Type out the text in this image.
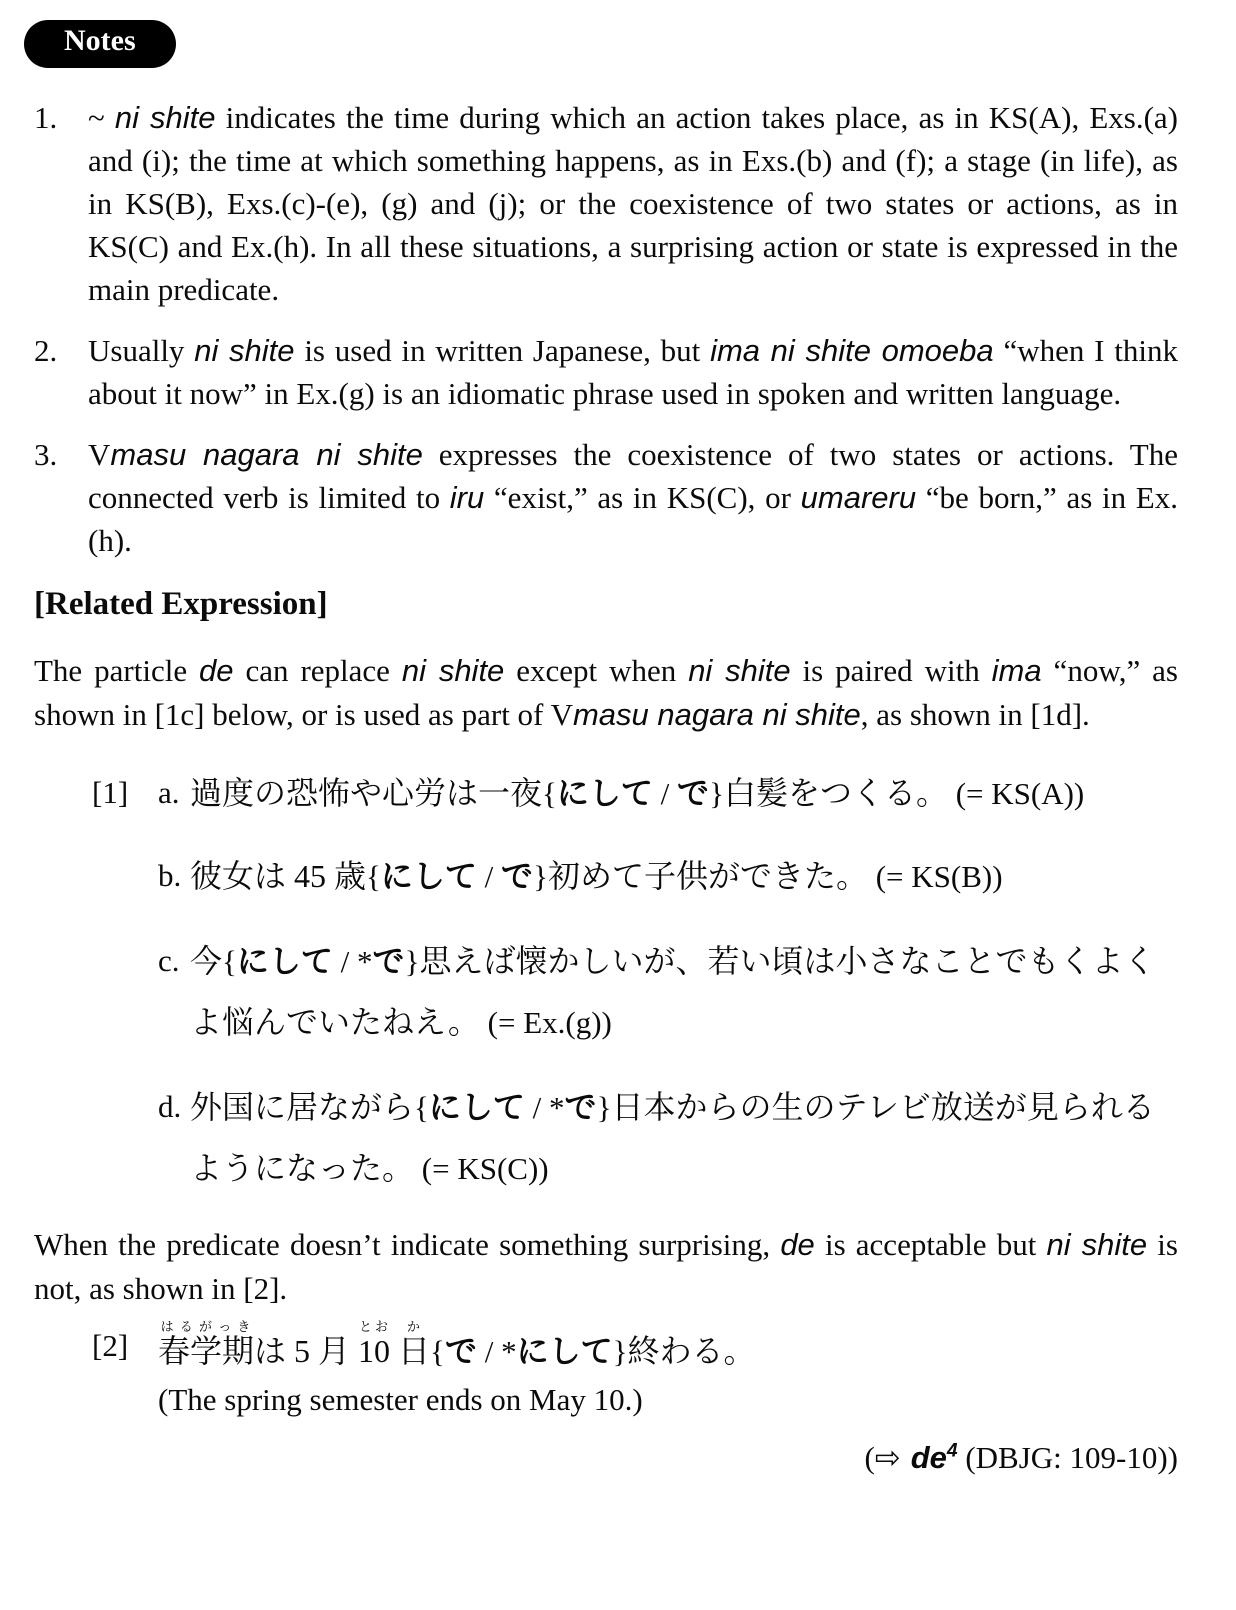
Notes
1. ~ ni shite indicates the time during which an action takes place, as in KS(A), Exs.(a) and (i); the time at which something happens, as in Exs.(b) and (f); a stage (in life), as in KS(B), Exs.(c)-(e), (g) and (j); or the coexistence of two states or actions, as in KS(C) and Ex.(h). In all these situations, a surprising action or state is expressed in the main predicate.
2. Usually ni shite is used in written Japanese, but ima ni shite omoeba “when I think about it now” in Ex.(g) is an idiomatic phrase used in spoken and written language.
3. Vmasu nagara ni shite expresses the coexistence of two states or actions. The connected verb is limited to iru “exist,” as in KS(C), or umareru “be born,” as in Ex.(h).
[Related Expression]
The particle de can replace ni shite except when ni shite is paired with ima “now,” as shown in [1c] below, or is used as part of Vmasu nagara ni shite, as shown in [1d].
[1] a. 過度の恐怖や心労は一夜{にして / で}白髪をつくる。 (= KS(A))
b. 彼女は 45 歳{にして / で}初めて子供ができた。 (= KS(B))
c. 今{にして / *で}思えば懐かしいが、若い頃は小さなことでもくよく
よ悩んでいたねえ。 (= Ex.(g))
d. 外国に居ながら{にして / *で}日本からの生のテレビ放送が見られる
ようになった。 (= KS(C))
When the predicate doesn’t indicate something surprising, de is acceptable but ni shite is not, as shown in [2].
[2] 春学期はるがっきは 5 月 10とお 日か{で / *にして}終わる。
(The spring semester ends on May 10.)
(⇨ $de^4$ (DBJG: 109-10))
